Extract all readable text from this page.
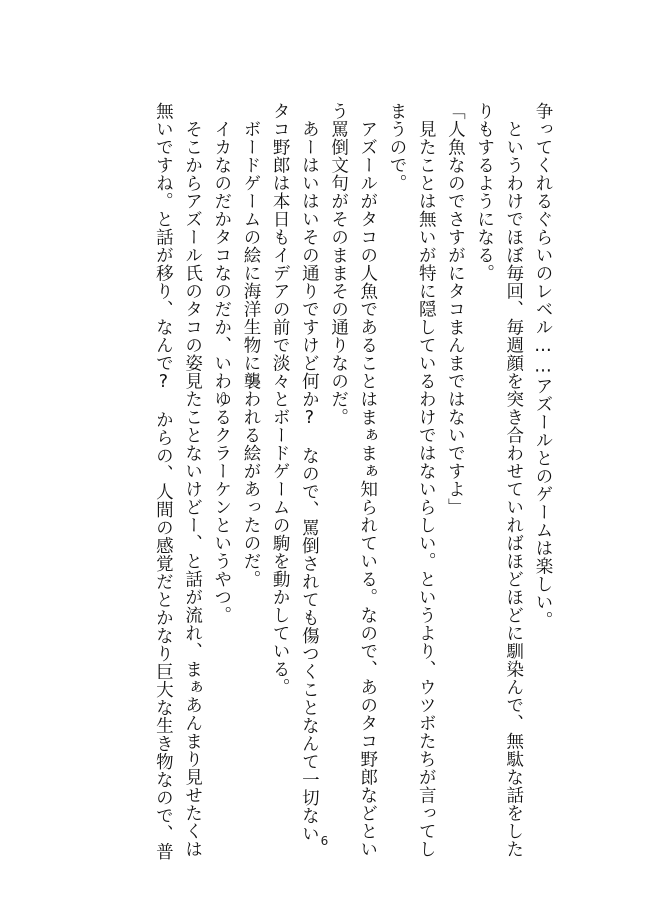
争ってくれるぐらいのレベル……アズールとのゲームは楽しい。
　というわけでほぼ毎回、毎週顔を突き合わせていればほどほどに馴染んで、無駄な話をした
りもするようになる。
「人魚なのでさすがにタコまんまではないですよ」
　見たことは無いが特に隠しているわけではないらしい。というより、ウツボたちが言ってし
まうので。
　アズールがタコの人魚であることはまぁまぁ知られている。なので、あのタコ野郎などとい
う罵倒文句がそのままその通りなのだ。
　あーはいはいその通りですけど何か?　なので、罵倒されても傷つくことなんて一切ない
タコ野郎は本日もイデアの前で淡々とボードゲームの駒を動かしている。
　ボードゲームの絵に海洋生物に襲われる絵があったのだ。
　イカなのだかタコなのだか、いわゆるクラーケンというやつ。
　そこからアズール氏のタコの姿見たことないけどー、と話が流れ、まぁあんまり見せたくは
無いですね。と話が移り、なんで?　からの、人間の感覚だとかなり巨大な生き物なので、普	6
